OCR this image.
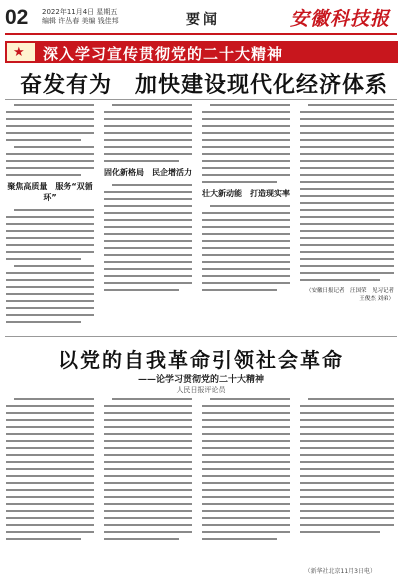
02 2022年11月4日 星期五
编辑 许丛春 美编 钱佳邦	要闻	安徽科技报
★ 深入学习宣传贯彻党的二十大精神
奋发有为　加快建设现代化经济体系
聚焦高质量　服务“双循环”
固化新格局　民企增活力
壮大新动能　打造现实率
（安徽日报记者　汪国荣　见习记者　王俊杰 刘弟）
以党的自我革命引领社会革命
——论学习贯彻党的二十大精神
人民日报评论员
（新华社北京11月3日电）
